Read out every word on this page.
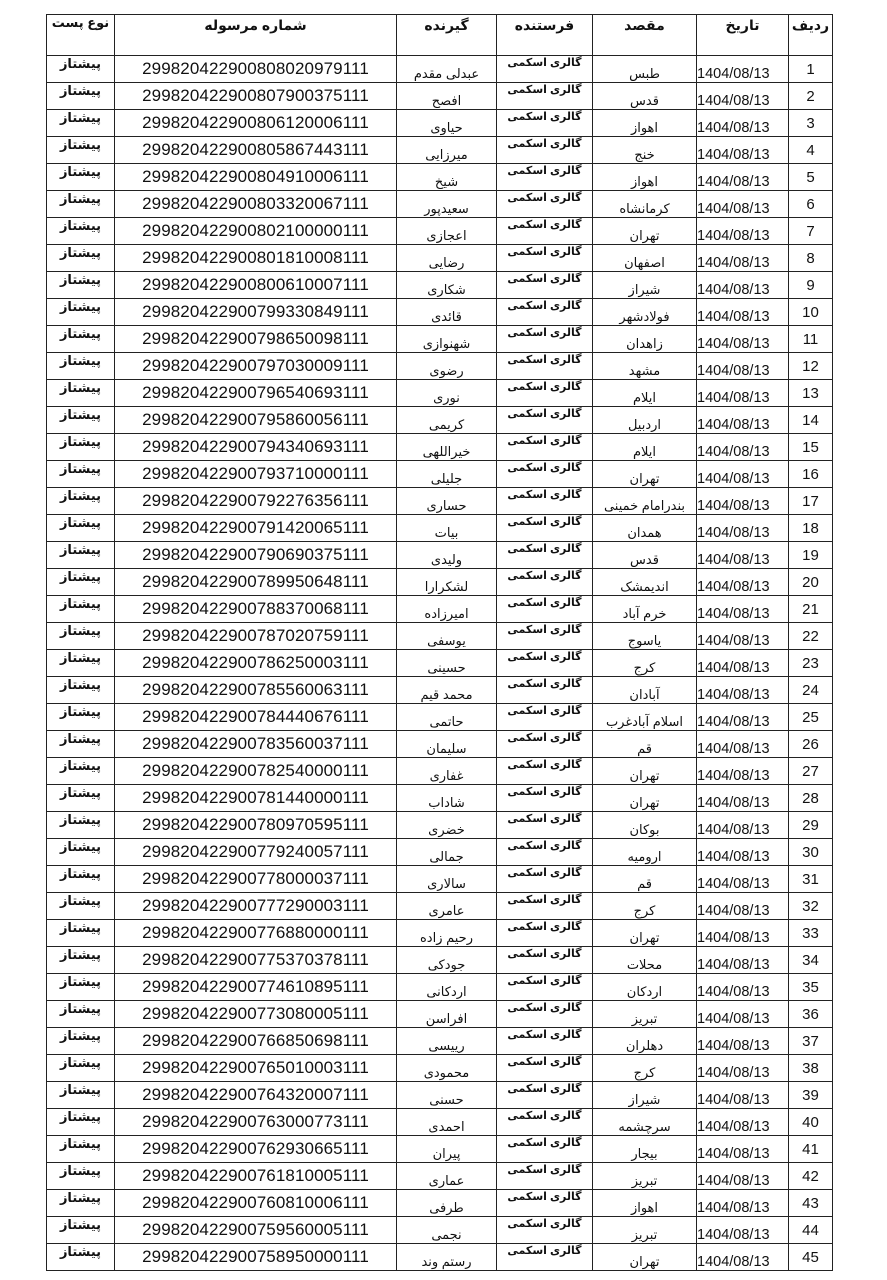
ردیف	تاریخ	مقصد	فرستنده	گیرنده	شماره مرسوله	نوع پست
1	1404/08/13	طبس	گالری اسکمی	عبدلی مقدم	299820422900808020979111	پیشتاز
2	1404/08/13	قدس	گالری اسکمی	افصح	299820422900807900375111	پیشتاز
3	1404/08/13	اهواز	گالری اسکمی	حیاوی	299820422900806120006111	پیشتاز
4	1404/08/13	خنج	گالری اسکمی	میرزایی	299820422900805867443111	پیشتاز
5	1404/08/13	اهواز	گالری اسکمی	شیخ	299820422900804910006111	پیشتاز
6	1404/08/13	کرمانشاه	گالری اسکمی	سعیدپور	299820422900803320067111	پیشتاز
7	1404/08/13	تهران	گالری اسکمی	اعجازی	299820422900802100000111	پیشتاز
8	1404/08/13	اصفهان	گالری اسکمی	رضایی	299820422900801810008111	پیشتاز
9	1404/08/13	شیراز	گالری اسکمی	شکاری	299820422900800610007111	پیشتاز
10	1404/08/13	فولادشهر	گالری اسکمی	قائدی	299820422900799330849111	پیشتاز
11	1404/08/13	زاهدان	گالری اسکمی	شهنوازی	299820422900798650098111	پیشتاز
12	1404/08/13	مشهد	گالری اسکمی	رضوی	299820422900797030009111	پیشتاز
13	1404/08/13	ایلام	گالری اسکمی	نوری	299820422900796540693111	پیشتاز
14	1404/08/13	اردبیل	گالری اسکمی	کریمی	299820422900795860056111	پیشتاز
15	1404/08/13	ایلام	گالری اسکمی	خیراللهی	299820422900794340693111	پیشتاز
16	1404/08/13	تهران	گالری اسکمی	جلیلی	299820422900793710000111	پیشتاز
17	1404/08/13	بندرامام خمینی	گالری اسکمی	حساری	299820422900792276356111	پیشتاز
18	1404/08/13	همدان	گالری اسکمی	بیات	299820422900791420065111	پیشتاز
19	1404/08/13	قدس	گالری اسکمی	ولیدی	299820422900790690375111	پیشتاز
20	1404/08/13	اندیمشک	گالری اسکمی	لشکرارا	299820422900789950648111	پیشتاز
21	1404/08/13	خرم آباد	گالری اسکمی	امیرزاده	299820422900788370068111	پیشتاز
22	1404/08/13	یاسوج	گالری اسکمی	یوسفی	299820422900787020759111	پیشتاز
23	1404/08/13	کرج	گالری اسکمی	حسینی	299820422900786250003111	پیشتاز
24	1404/08/13	آبادان	گالری اسکمی	محمد قیم	299820422900785560063111	پیشتاز
25	1404/08/13	اسلام آبادغرب	گالری اسکمی	حاتمی	299820422900784440676111	پیشتاز
26	1404/08/13	قم	گالری اسکمی	سلیمان	299820422900783560037111	پیشتاز
27	1404/08/13	تهران	گالری اسکمی	غفاری	299820422900782540000111	پیشتاز
28	1404/08/13	تهران	گالری اسکمی	شاداب	299820422900781440000111	پیشتاز
29	1404/08/13	بوکان	گالری اسکمی	خضری	299820422900780970595111	پیشتاز
30	1404/08/13	ارومیه	گالری اسکمی	جمالی	299820422900779240057111	پیشتاز
31	1404/08/13	قم	گالری اسکمی	سالاری	299820422900778000037111	پیشتاز
32	1404/08/13	کرج	گالری اسکمی	عامری	299820422900777290003111	پیشتاز
33	1404/08/13	تهران	گالری اسکمی	رحیم زاده	299820422900776880000111	پیشتاز
34	1404/08/13	محلات	گالری اسکمی	جودکی	299820422900775370378111	پیشتاز
35	1404/08/13	اردکان	گالری اسکمی	اردکانی	299820422900774610895111	پیشتاز
36	1404/08/13	تبریز	گالری اسکمی	افراسن	299820422900773080005111	پیشتاز
37	1404/08/13	دهلران	گالری اسکمی	رییسی	299820422900766850698111	پیشتاز
38	1404/08/13	کرج	گالری اسکمی	محمودی	299820422900765010003111	پیشتاز
39	1404/08/13	شیراز	گالری اسکمی	حسنی	299820422900764320007111	پیشتاز
40	1404/08/13	سرچشمه	گالری اسکمی	احمدی	299820422900763000773111	پیشتاز
41	1404/08/13	بیجار	گالری اسکمی	پیران	299820422900762930665111	پیشتاز
42	1404/08/13	تبریز	گالری اسکمی	عماری	299820422900761810005111	پیشتاز
43	1404/08/13	اهواز	گالری اسکمی	طرفی	299820422900760810006111	پیشتاز
44	1404/08/13	تبریز	گالری اسکمی	نجمی	299820422900759560005111	پیشتاز
45	1404/08/13	تهران	گالری اسکمی	رستم وند	299820422900758950000111	پیشتاز
